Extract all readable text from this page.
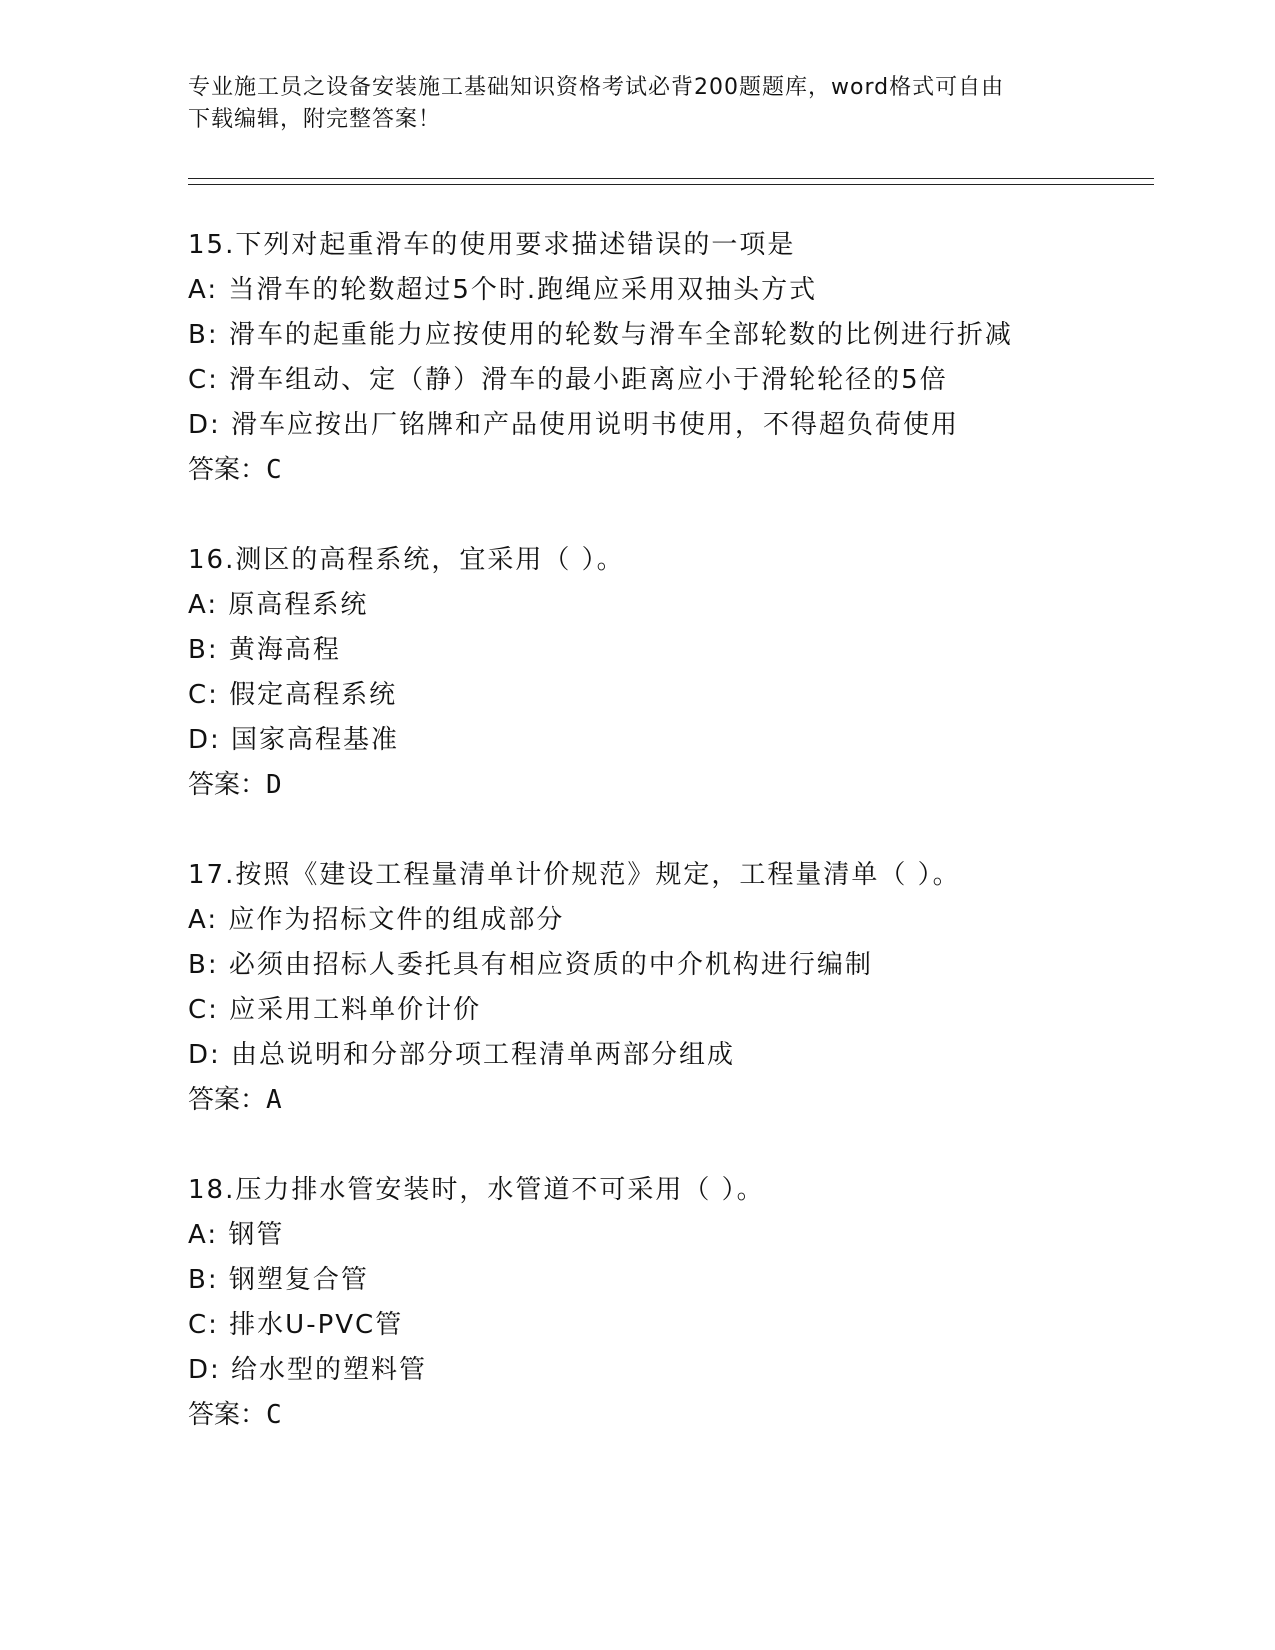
专业施工员之设备安装施工基础知识资格考试必背200题题库，word格式可自由
下载编辑，附完整答案！
15.下列对起重滑车的使用要求描述错误的一项是
A: 当滑车的轮数超过5个时.跑绳应采用双抽头方式
B: 滑车的起重能力应按使用的轮数与滑车全部轮数的比例进行折减
C: 滑车组动、定（静）滑车的最小距离应小于滑轮轮径的5倍
D: 滑车应按出厂铭牌和产品使用说明书使用，不得超负荷使用
答案：C
16.测区的高程系统，宜采用（ ）。
A: 原高程系统
B: 黄海高程
C: 假定高程系统
D: 国家高程基准
答案：D
17.按照《建设工程量清单计价规范》规定，工程量清单（ ）。
A: 应作为招标文件的组成部分
B: 必须由招标人委托具有相应资质的中介机构进行编制
C: 应采用工料单价计价
D: 由总说明和分部分项工程清单两部分组成
答案：A
18.压力排水管安装时，水管道不可采用（ ）。
A: 钢管
B: 钢塑复合管
C: 排水U-PVC管
D: 给水型的塑料管
答案：C
